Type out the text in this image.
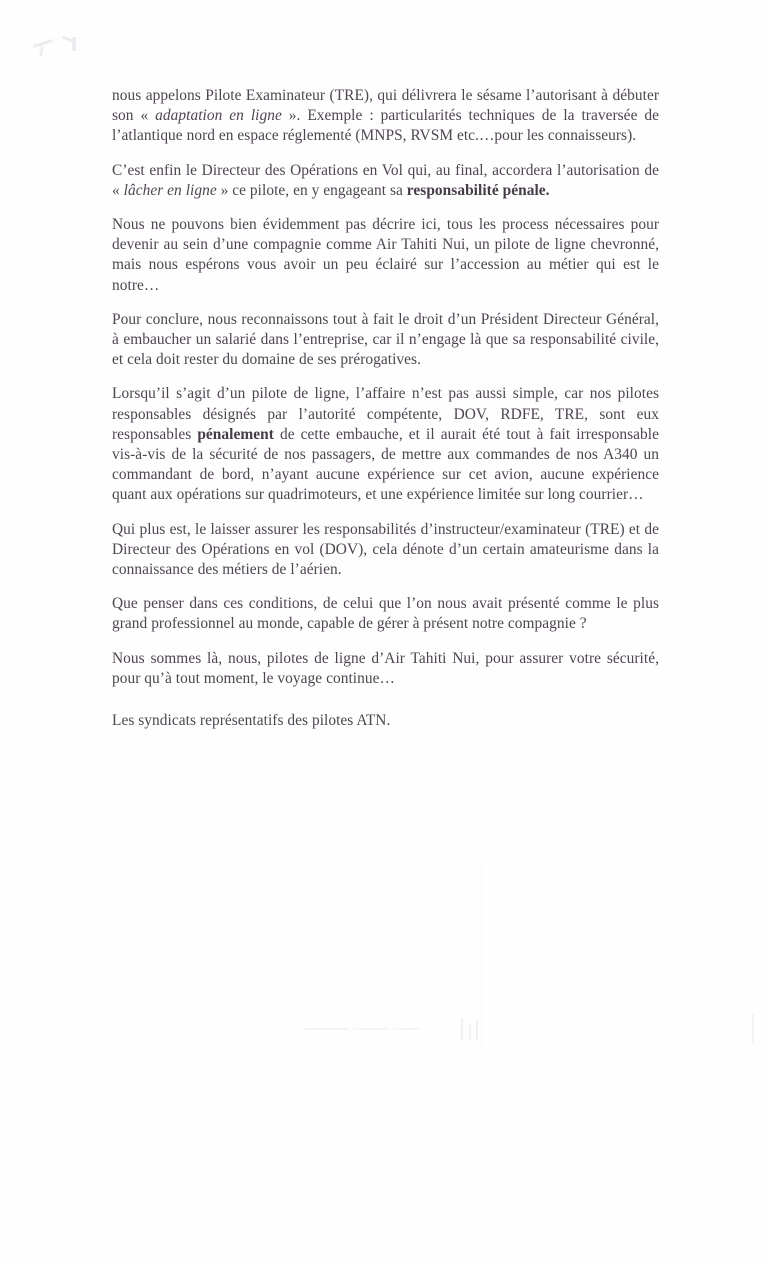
nous appelons Pilote Examinateur (TRE), qui délivrera le sésame l’autorisant à débuter son « adaptation en ligne ». Exemple : particularités techniques de la traversée de l’atlantique nord en espace réglementé (MNPS, RVSM etc.…pour les connaisseurs).

C’est enfin le Directeur des Opérations en Vol qui, au final, accordera l’autorisation de « lâcher en ligne » ce pilote, en y engageant sa responsabilité pénale.

Nous ne pouvons bien évidemment pas décrire ici, tous les process nécessaires pour devenir au sein d’une compagnie comme Air Tahiti Nui, un pilote de ligne chevronné, mais nous espérons vous avoir un peu éclairé sur l’accession au métier qui est le notre…

Pour conclure, nous reconnaissons tout à fait le droit d’un Président Directeur Général, à embaucher un salarié dans l’entreprise, car il n’engage là que sa responsabilité civile, et cela doit rester du domaine de ses prérogatives.

Lorsqu’il s’agit d’un pilote de ligne, l’affaire n’est pas aussi simple, car nos pilotes responsables désignés par l’autorité compétente, DOV, RDFE, TRE, sont eux responsables pénalement de cette embauche, et il aurait été tout à fait irresponsable vis-à-vis de la sécurité de nos passagers, de mettre aux commandes de nos A340 un commandant de bord, n’ayant aucune expérience sur cet avion, aucune expérience quant aux opérations sur quadrimoteurs, et une expérience limitée sur long courrier…

Qui plus est, le laisser assurer les responsabilités d’instructeur/examinateur (TRE) et de Directeur des Opérations en vol (DOV), cela dénote d’un certain amateurisme dans la connaissance des métiers de l’aérien.

Que penser dans ces conditions, de celui que l’on nous avait présenté comme le plus grand professionnel au monde, capable de gérer à présent notre compagnie ?

Nous sommes là, nous, pilotes de ligne d’Air Tahiti Nui, pour assurer votre sécurité, pour qu’à tout moment, le voyage continue…

Les syndicats représentatifs des pilotes ATN.
